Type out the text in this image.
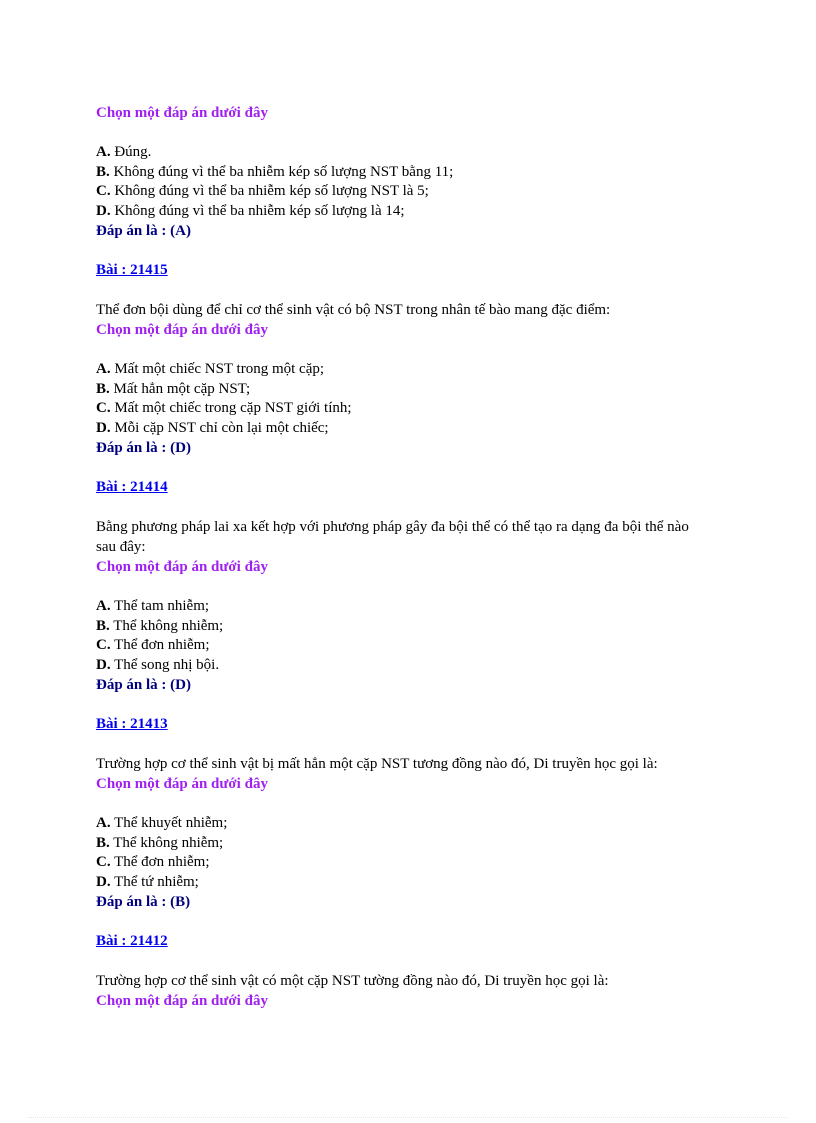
Chọn một đáp án dưới đây

A. Đúng.

B. Không đúng vì thể ba nhiễm kép số lượng NST bằng 11;

C. Không đúng vì thể ba nhiễm kép số lượng NST là 5;

D. Không đúng vì thể ba nhiễm kép số lượng là 14;

Đáp án là : (A)

Bài : 21415

Thể đơn bội dùng để chỉ cơ thể sinh vật có bộ NST trong nhân tế bào mang đặc điểm:

Chọn một đáp án dưới đây

A. Mất một chiếc NST trong một cặp;

B. Mất hẳn một cặp NST;

C. Mất một chiếc trong cặp NST giới tính;

D. Mỗi cặp NST chỉ còn lại một chiếc;

Đáp án là : (D)

Bài : 21414

Bằng phương pháp lai xa kết hợp với phương pháp gây đa bội thể có thể tạo ra dạng đa bội thể nào sau đây:

Chọn một đáp án dưới đây

A. Thể tam nhiễm;

B. Thể không nhiễm;

C. Thể đơn nhiễm;

D. Thể song nhị bội.

Đáp án là : (D)

Bài : 21413

Trường hợp cơ thể sinh vật bị mất hẳn một cặp NST tương đồng nào đó, Di truyền học gọi là:

Chọn một đáp án dưới đây

A. Thể khuyết nhiễm;

B. Thể không nhiễm;

C. Thể đơn nhiễm;

D. Thể tứ nhiễm;

Đáp án là : (B)

Bài : 21412

Trường hợp cơ thể sinh vật có một cặp NST tường đồng nào đó, Di truyền học gọi là:

Chọn một đáp án dưới đây
